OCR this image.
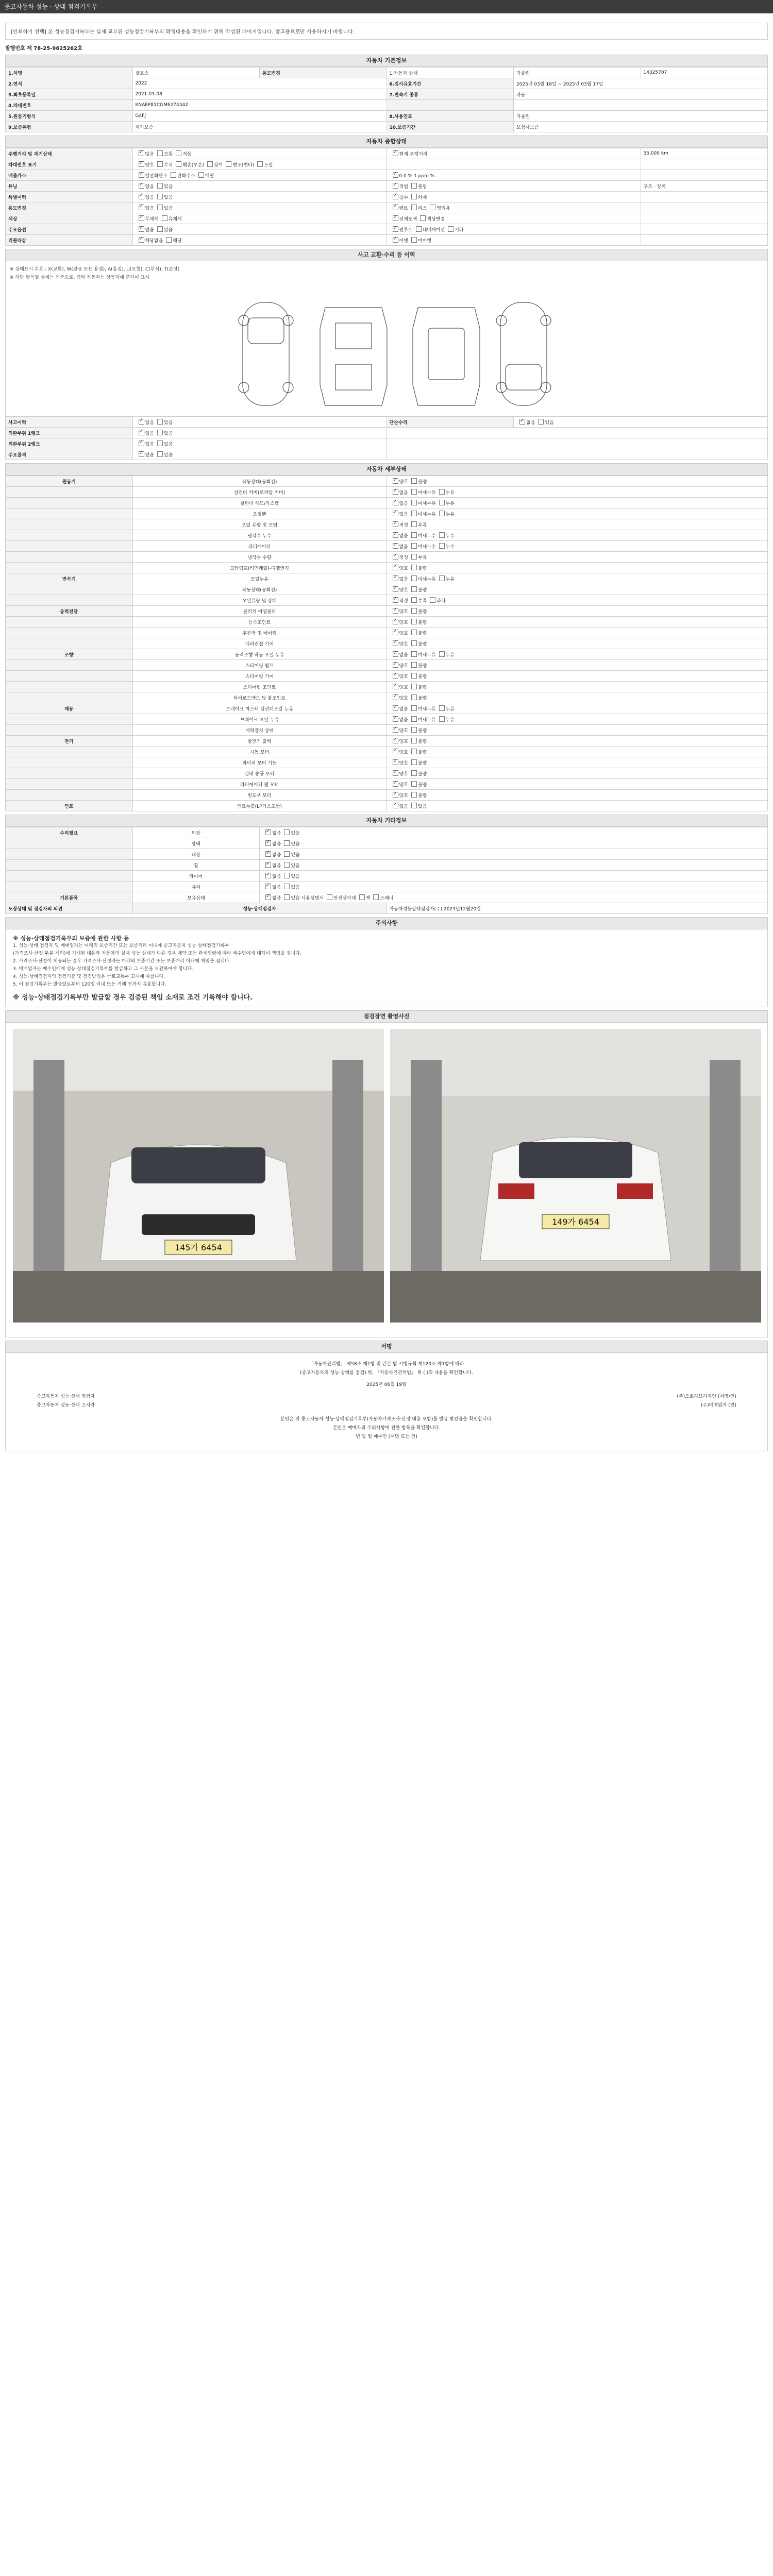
중고자동차 성능 · 상태 점검기록부
[인쇄하기 선택] 본 성능점검기록부는 실제 교부된 성능점검기록부의 확정내용을 확인하기 위해 작성된 페이지입니다. 참고용으로만 사용하시기 바랍니다.
발행번호 제 78-25-9625262호
자동차 기본정보
1.차명	셀토스	용도변경	1.자동차 상태	가솔린	14325707
2.연식	2022		6.검사유효기간	2025년 03월 18일 ~ 2025년 03월 17일	
3.최초등록일	2021-03-08		7.변속기 종류	자동	
4.차대번호	KNAEP81CGM6274342				
5.원동기형식	G4FJ		8.사용연료	가솔린	
9.보증유형	자가보증		10.보증기간	보험사보증	
자동차 종합상태
주행거리 및 계기상태	✓많음 보통 적음	✓현재 주행거리	35,000 km
차대번호 표기	✓양호 부식 훼손(오손) 상이 변조(변타) 도말		
배출가스	✓일산화탄소 탄화수소 매연	✓0.0 % 1 ppm %	
튜닝	✓없음 있음	✓적법 불법	구조 · 장치
특별이력	✓없음 있음	✓침수 화재	
용도변경	✓없음 있음	✓렌트 리스 영업용	
색상	✓무채색 유채색	✓전체도색 색상변경	
주요옵션	✓없음 있음	✓썬루프 네비게이션 기타	
리콜대상	✓해당없음 해당	✓이행 미이행	
사고 교환·수리 등 이력
※ 상태표시 부호 : X(교환), W(판금 또는 용접), A(흠집), U(요철), C(부식), T(손상)
※ 하단 항목별 상세는 기준으로, 기타 자동차는 상동자에 준하여 표시
사고이력	✓없음 있음	단순수리	✓없음 있음
외판부위 1랭크	✓없음 있음	
외판부위 2랭크	✓없음 있음	
주요골격	✓없음 있음	
자동차 세부상태
원동기	작동상태(공회전)	✓양호 불량
	실린더 커버(로커암 커버)	✓없음 미세누유 누유
	실린더 헤드/가스켓	✓없음 미세누유 누유
	오일팬	✓없음 미세누유 누유
	오일 유량 및 오염	✓적정 부족
	냉각수 누수	✓없음 미세누수 누수
	라디에이터	✓없음 미세누수 누수
	냉각수 수량	✓적정 부족
	고압펌프(커먼레일)-디젤엔진	✓양호 불량
변속기	오일누유	✓없음 미세누유 누유
	작동상태(공회전)	✓양호 불량
	오일유량 및 상태	✓적정 부족 과다
동력전달	클러치 어셈블리	✓양호 불량
	등속조인트	✓양호 불량
	추진축 및 베어링	✓양호 불량
	디퍼런셜 기어	✓양호 불량
조향	동력조향 작동 오일 누유	✓없음 미세누유 누유
	스티어링 펌프	✓양호 불량
	스티어링 기어	✓양호 불량
	스티어링 조인트	✓양호 불량
	타이로드엔드 및 볼조인트	✓양호 불량
제동	브레이크 마스터 실린더오일 누유	✓없음 미세누유 누유
	브레이크 오일 누유	✓없음 미세누유 누유
	배력장치 상태	✓양호 불량
전기	발전기 출력	✓양호 불량
	시동 모터	✓양호 불량
	와이퍼 모터 기능	✓양호 불량
	실내 송풍 모터	✓양호 불량
	라디에이터 팬 모터	✓양호 불량
	윈도우 모터	✓양호 불량
연료	연료누출(LP가스포함)	✓없음 있음
자동차 기타정보
수리필요	외장	✓없음 있음
	광택	✓없음 있음
	내장	✓없음 있음
	휠	✓없음 있음
	타이어	✓없음 있음
	유리	✓없음 있음
기본품목	보유상태	✓없음 있음 사용설명서 안전삼각대 잭 스패너
도장상태 및 점검자의 의견	성능·상태점검자		자동차성능상태점검자(주) 2023년12월20일
주의사항
※ 성능·상태점검기록부의 보증에 관한 사항 등
1. 성능·상태 점검자 및 매매업자는 아래의 보증기간 또는 보증거리 이내에 중고자동차 성능·상태점검기록부
(가격조사·산정 부분 제외)에 기재된 내용과 자동차의 실제 성능·상태가 다른 경우 계약 또는 관계법령에 따라 매수인에게 대하여 책임을 집니다.
2. 가격조사·산정이 제공되는 경우 가격조사·산정자는 아래의 보증기간 또는 보증거리 이내에 책임을 집니다.
3. 매매업자는 매수인에게 성능·상태점검기록부를 발급하고 그 사본을 보관하여야 합니다.
4. 성능·상태점검자의 점검기준 및 점검방법은 국토교통부 고시에 따릅니다.
5. 이 점검기록부는 발급일로부터 120일 이내 또는 거래 전까지 유효합니다.
※ 성능·상태점검기록부만 발급할 경우 검증된 책임 소재로 조건 기록해야 합니다.
점검장면 촬영사진
145가 6454
149가 6454
서명
「자동차관리법」 제58조 제1항 및 같은 법 시행규칙 제120조 제1항에 따라
(중고자동차의 성능·상태를 점검) 한, 「자동차기관리법」 위 ( )의 내용을 확인합니다.
2025년 06월 19일
중고자동차 성능·상태 점검자	(주)오토하브하자인 (서명/인)
중고자동차 성능·상태 고지자	(주)배매업자 (인)
본인은 위 중고자동차 성능·상태점검기록부(자동차가격조사·산정 내용 포함)를 발급 받았음을 확인합니다.
본인은 매매자의 주의사항에 관한 항목을 확인합니다.
년 월 일 매수인 (서명 또는 인)
